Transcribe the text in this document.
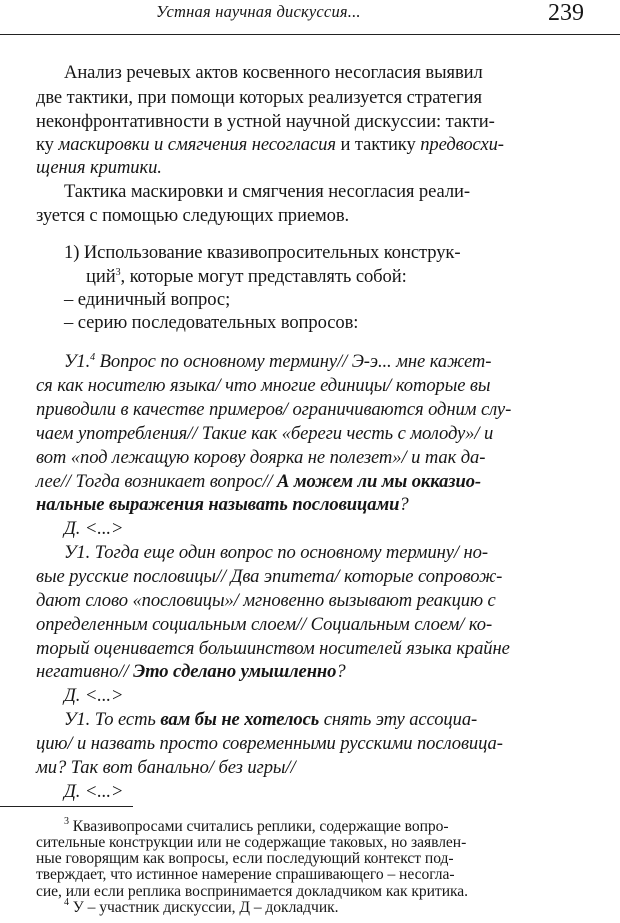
Устная научная дискуссия...	239
Анализ речевых актов косвенного несогласия выявил
две тактики, при помощи которых реализуется стратегия
неконфронтативности в устной научной дискуссии: такти-
ку маскировки и смягчения несогласия и тактику предвосхи-
щения критики.
Тактика маскировки и смягчения несогласия реали-
зуется с помощью следующих приемов.
1) Использование квазивопросительных конструк-
ций$^3$, которые могут представлять собой:
– единичный вопрос;
– серию последовательных вопросов:
У1.$^4$ Вопрос по основному термину// Э-э... мне кажет-
ся как носителю языка/ что многие единицы/ которые вы
приводили в качестве примеров/ ограничиваются одним слу-
чаем употребления// Такие как «береги честь с молоду»/ и
вот «под лежащую корову доярка не полезет»/ и так да-
лее// Тогда возникает вопрос// А можем ли мы окказио-
нальные выражения называть пословицами?
Д. <...>
У1. Тогда еще один вопрос по основному термину/ но-
вые русские пословицы// Два эпитета/ которые сопровож-
дают слово «пословицы»/ мгновенно вызывают реакцию с
определенным социальным слоем// Социальным слоем/ ко-
торый оценивается большинством носителей языка крайне
негативно// Это сделано умышленно?
Д. <...>
У1. То есть вам бы не хотелось снять эту ассоциа-
цию/ и назвать просто современными русскими пословица-
ми? Так вот банально/ без игры//
Д. <...>
$^3$ Квазивопросами считались реплики, содержащие вопро-
сительные конструкции или не содержащие таковых, но заявлен-
ные говорящим как вопросы, если последующий контекст под-
тверждает, что истинное намерение спрашивающего – несогла-
сие, или если реплика воспринимается докладчиком как критика.
$^4$ У – участник дискуссии, Д – докладчик.
